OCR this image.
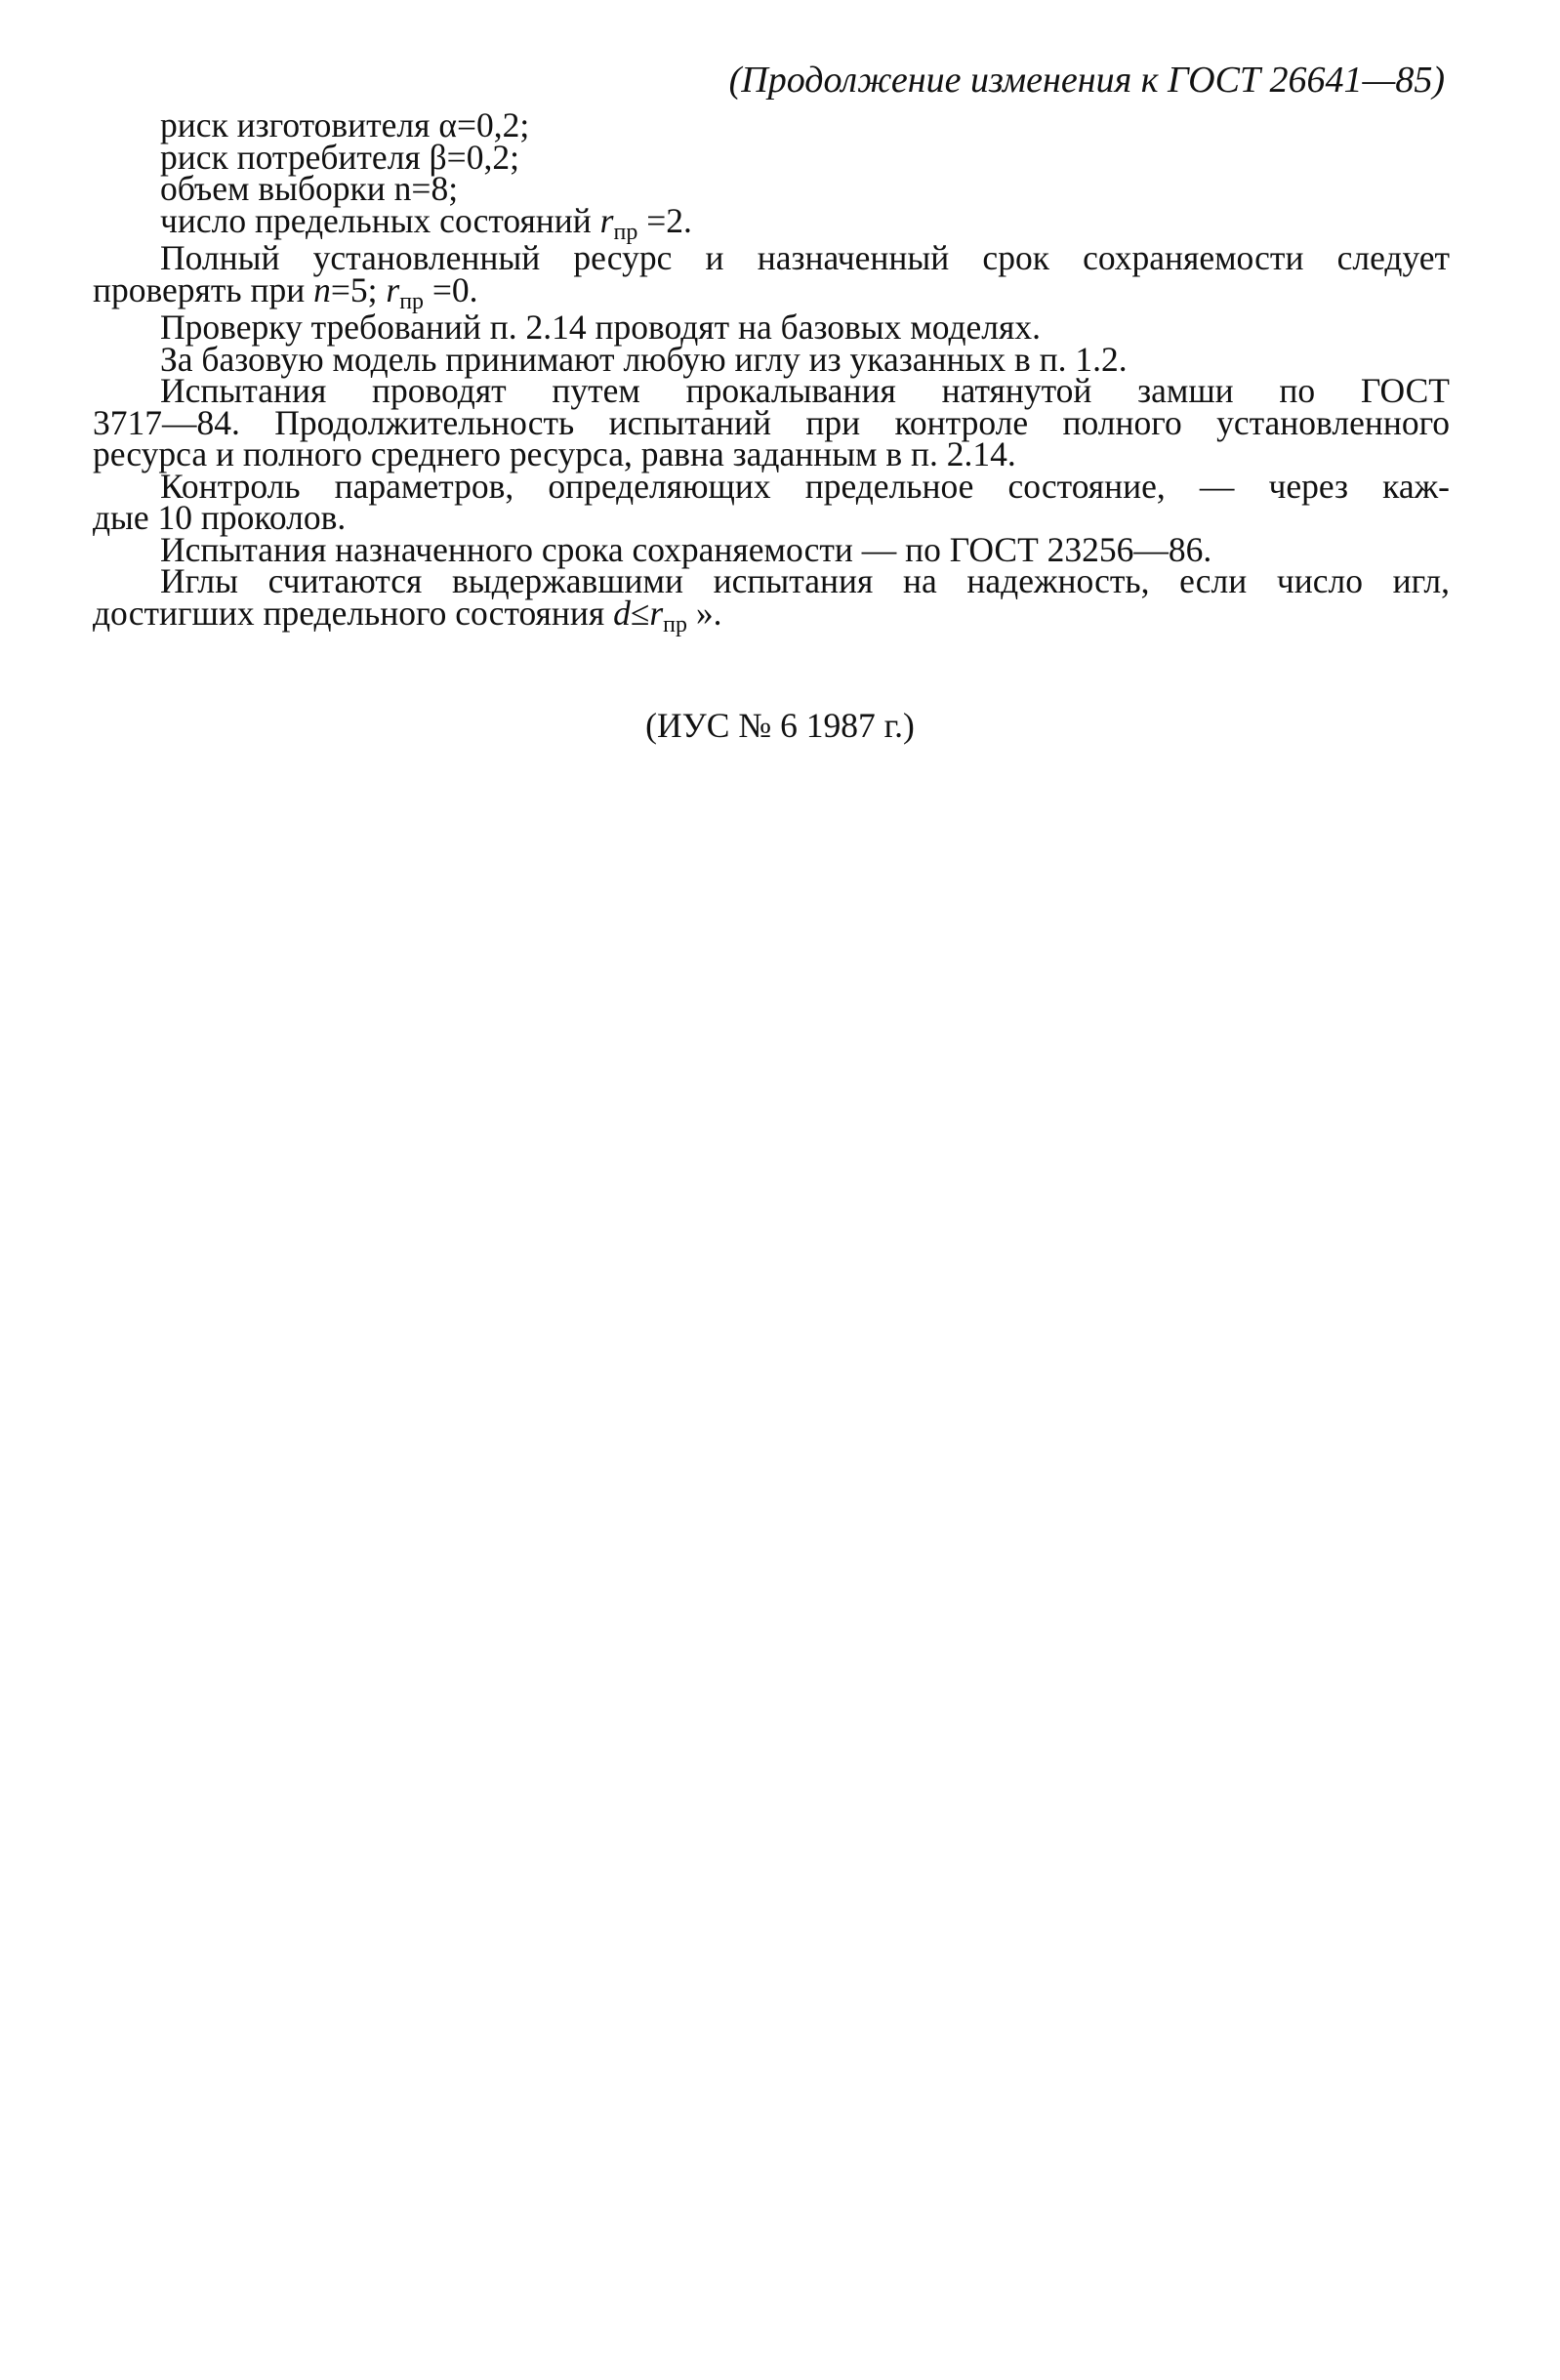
(Продолжение изменения к ГОСТ 26641—85)
риск изготовителя α=0,2;
риск потребителя β=0,2;
объем выборки n=8;
число предельных состояний rпр =2.
Полный установленный ресурс и назначенный срок сохраняемости следует
проверять при n=5; rпр =0.
Проверку требований п. 2.14 проводят на базовых моделях.
За базовую модель принимают любую иглу из указанных в п. 1.2.
Испытания проводят путем прокалывания натянутой замши по ГОСТ
3717—84. Продолжительность испытаний при контроле полного установленного
ресурса и полного среднего ресурса, равна заданным в п. 2.14.
Контроль параметров, определяющих предельное состояние, — через каж-
дые 10 проколов.
Испытания назначенного срока сохраняемости — по ГОСТ 23256—86.
Иглы считаются выдержавшими испытания на надежность, если число игл,
достигших предельного состояния d≤rпр ».
(ИУС № 6 1987 г.)
